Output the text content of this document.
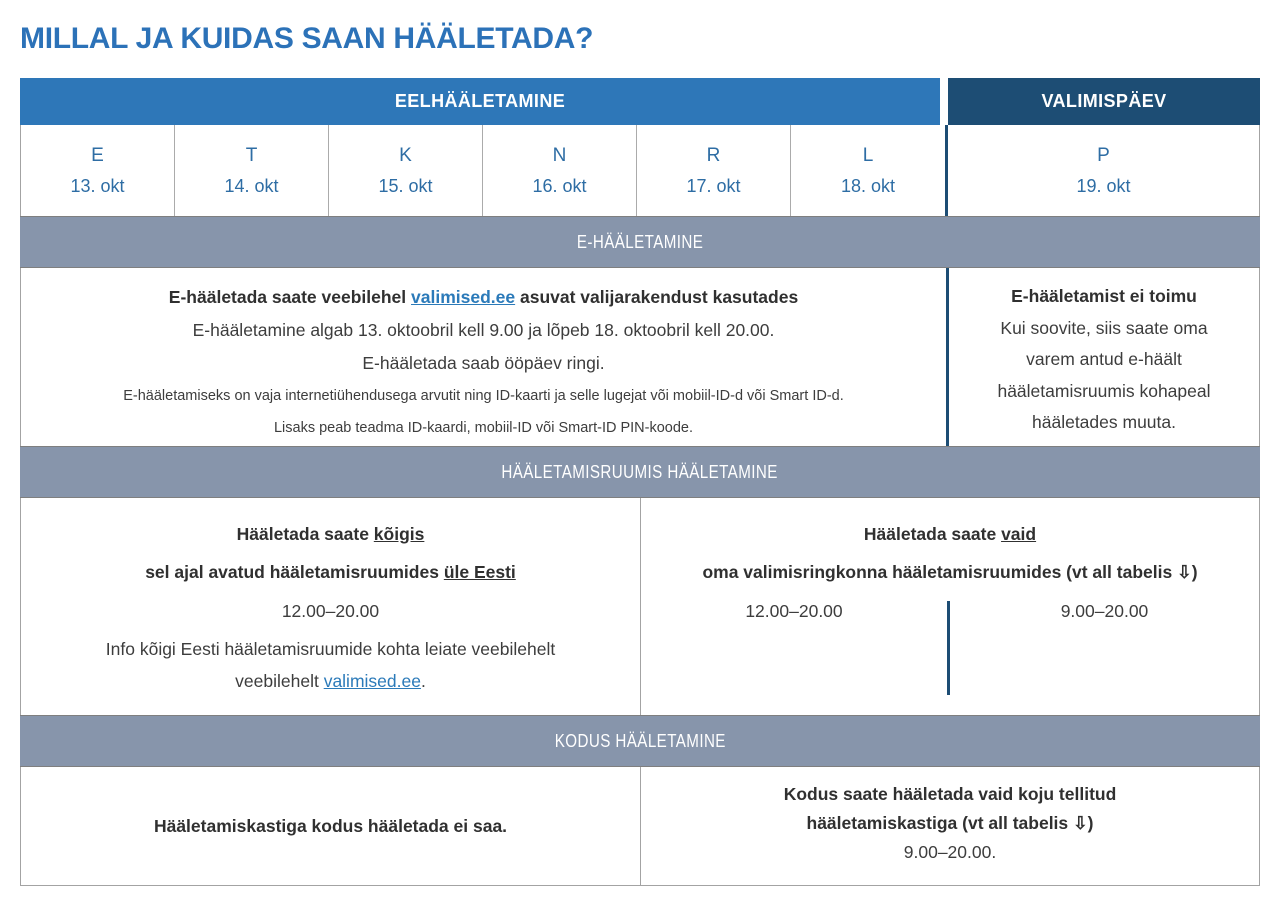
MILLAL JA KUIDAS SAAN HÄÄLETADA?
EELHÄÄLETAMINE	VALIMISPÄEV
E
13. okt
T
14. okt
K
15. okt
N
16. okt
R
17. okt
L
18. okt
P
19. okt
E-HÄÄLETAMINE
E-hääletada saate veebilehel valimised.ee asuvat valijarakendust kasutades
E-hääletamine algab 13. oktoobril kell 9.00 ja lõpeb 18. oktoobril kell 20.00.
E-hääletada saab ööpäev ringi.
E-hääletamiseks on vaja internetiühendusega arvutit ning ID-kaarti ja selle lugejat või mobiil-ID-d või Smart ID-d.
Lisaks peab teadma ID-kaardi, mobiil-ID või Smart-ID PIN-koode.
E-hääletamist ei toimu
Kui soovite, siis saate oma
varem antud e-häält
hääletamisruumis kohapeal
hääletades muuta.
HÄÄLETAMISRUUMIS HÄÄLETAMINE
Hääletada saate kõigis
sel ajal avatud hääletamisruumides üle Eesti
12.00–20.00
Info kõigi Eesti hääletamisruumide kohta leiate veebilehelt
veebilehelt valimised.ee.
Hääletada saate vaid
oma valimisringkonna hääletamisruumides (vt all tabelis ⇩)
12.00–20.00	9.00–20.00
KODUS HÄÄLETAMINE
Hääletamiskastiga kodus hääletada ei saa.
Kodus saate hääletada vaid koju tellitud
hääletamiskastiga (vt all tabelis ⇩)
9.00–20.00.
